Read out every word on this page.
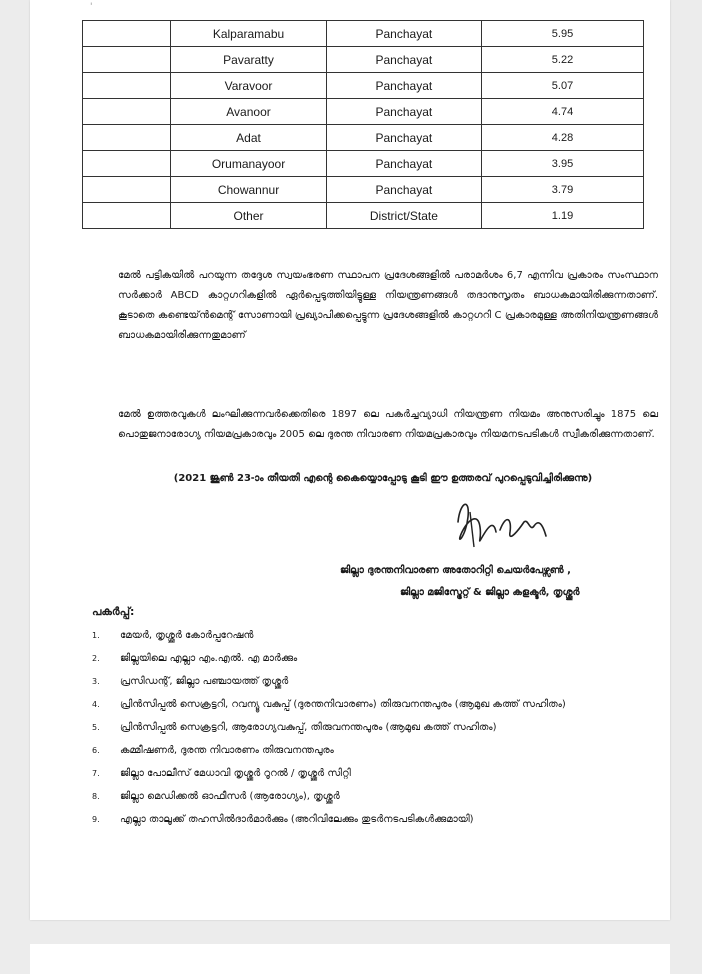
'
	Kalparamabu	Panchayat	5.95
	Pavaratty	Panchayat	5.22
	Varavoor	Panchayat	5.07
	Avanoor	Panchayat	4.74
	Adat	Panchayat	4.28
	Orumanayoor	Panchayat	3.95
	Chowannur	Panchayat	3.79
	Other	District/State	1.19
മേൽ പട്ടികയിൽ പറയുന്ന തദ്ദേശ സ്വയംഭരണ സ്ഥാപന പ്രദേശങ്ങളിൽ പരാമർശം 6,7 എന്നിവ പ്രകാരം സംസ്ഥാന സർക്കാർ ABCD കാറ്റഗറികളിൽ ഏർപ്പെടുത്തിയിട്ടുള്ള നിയന്ത്രണങ്ങൾ തദാനുസൃതം ബാധകമായിരിക്കുന്നതാണ്. കൂടാതെ കണ്ടെയ്ൻമെന്റ് സോണായി പ്രഖ്യാപിക്കപ്പെട്ടുന്ന പ്രദേശങ്ങളിൽ കാറ്റഗറി C പ്രകാരമുള്ള അതിനിയന്ത്രണങ്ങൾ ബാധകമായിരിക്കുന്നതുമാണ്
മേൽ ഉത്തരവുകൾ ലംഘിക്കുന്നവർക്കെതിരെ 1897 ലെ പകർച്ചവ്യാധി നിയന്ത്രണ നിയമം അനുസരിച്ചും 1875 ലെ പൊതുജനാരോഗ്യ നിയമപ്രകാരവും 2005 ലെ ദുരന്ത നിവാരണ നിയമപ്രകാരവും നിയമനടപടികൾ സ്വീകരിക്കുന്നതാണ്.
(2021 ജൂൺ 23-ാം തീയതി എന്റെ കൈയ്യൊപ്പോടു കൂടി ഈ ഉത്തരവ് പുറപ്പെടുവിച്ചിരിക്കുന്നു)
ജില്ലാ ദുരന്തനിവാരണ അതോറിറ്റി ചെയർപേഴ്സൺ ,
ജില്ലാ മജിസ്ട്രേറ്റ് & ജില്ലാ കളക്ടർ, തൃശ്ശൂർ
പകർപ്പ്:
1.	മേയർ, തൃശ്ശൂർ കോർപ്പറേഷൻ
2.	ജില്ലയിലെ എല്ലാ എം.എൽ. എ മാർക്കും
3.	പ്രസിഡന്റ്, ജില്ലാ പഞ്ചായത്ത് തൃശ്ശൂർ
4.	പ്രിൻസിപ്പൽ സെക്രട്ടറി, റവന്യൂ വകുപ്പ് (ദുരന്തനിവാരണം) തിരുവനന്തപുരം (ആമുഖ കത്ത് സഹിതം)
5.	പ്രിൻസിപ്പൽ സെക്രട്ടറി, ആരോഗ്യവകുപ്പ്, തിരുവനന്തപുരം (ആമുഖ കത്ത് സഹിതം)
6.	കമ്മീഷണർ, ദുരന്ത നിവാരണം തിരുവനന്തപുരം
7.	ജില്ലാ പോലീസ് മേധാവി തൃശ്ശൂർ റൂറൽ / തൃശ്ശൂർ സിറ്റി
8.	ജില്ലാ മെഡിക്കൽ ഓഫീസർ (ആരോഗ്യം), തൃശ്ശൂർ
9.	എല്ലാ താലൂക്ക് തഹസിൽദാർമാർക്കും (അറിവിലേക്കും തുടർനടപടികൾക്കുമായി)
